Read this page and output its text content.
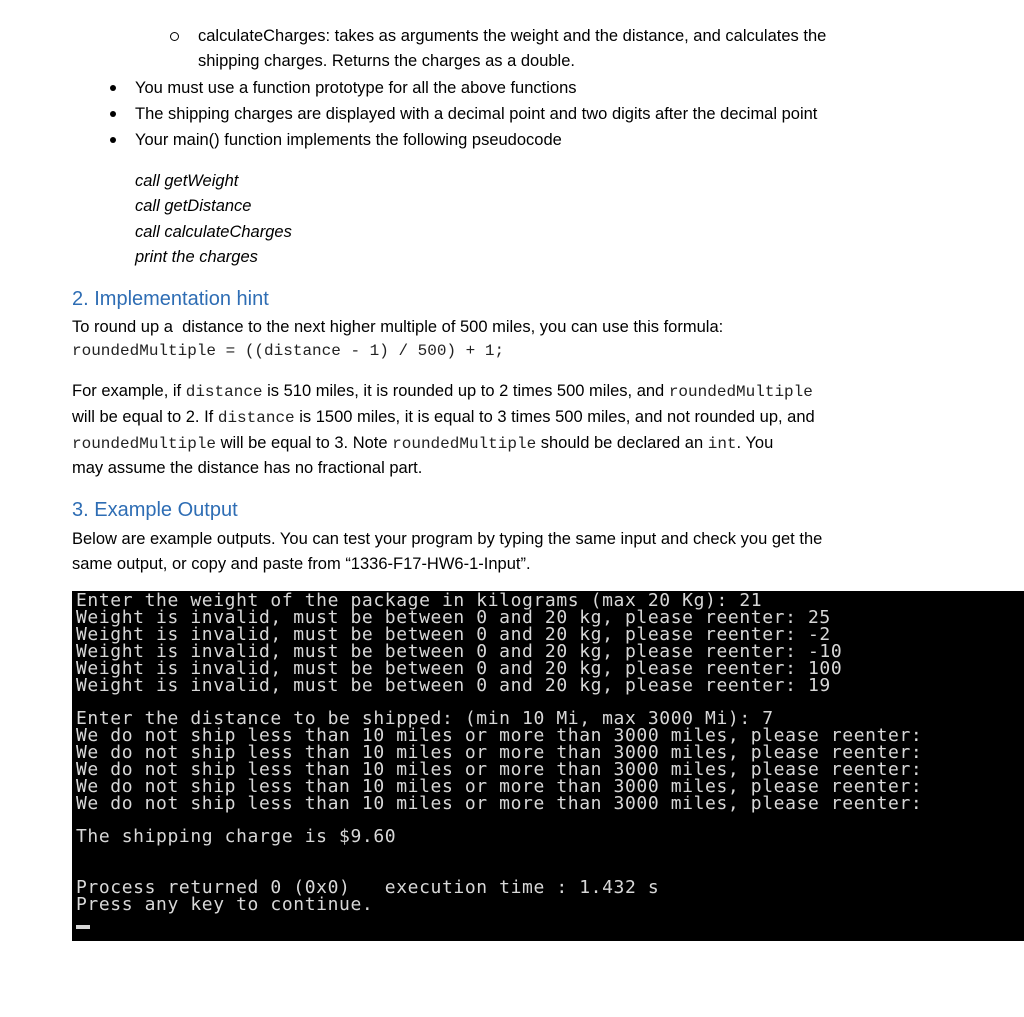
calculateCharges: takes as arguments the weight and the distance, and calculates the
shipping charges. Returns the charges as a double.
You must use a function prototype for all the above functions
The shipping charges are displayed with a decimal point and two digits after the decimal point
Your main() function implements the following pseudocode
call getWeight
call getDistance
call calculateCharges
print the charges
2. Implementation hint
To round up a  distance to the next higher multiple of 500 miles, you can use this formula:
roundedMultiple = ((distance - 1) / 500) + 1;
For example, if distance is 510 miles, it is rounded up to 2 times 500 miles, and roundedMultiple
will be equal to 2. If distance is 1500 miles, it is equal to 3 times 500 miles, and not rounded up, and
roundedMultiple will be equal to 3. Note roundedMultiple should be declared an int. You
may assume the distance has no fractional part.
3. Example Output
Below are example outputs. You can test your program by typing the same input and check you get the
same output, or copy and paste from “1336-F17-HW6-1-Input”.
Enter the weight of the package in kilograms (max 20 Kg): 21
Weight is invalid, must be between 0 and 20 kg, please reenter: 25
Weight is invalid, must be between 0 and 20 kg, please reenter: -2
Weight is invalid, must be between 0 and 20 kg, please reenter: -10
Weight is invalid, must be between 0 and 20 kg, please reenter: 100
Weight is invalid, must be between 0 and 20 kg, please reenter: 19
Enter the distance to be shipped: (min 10 Mi, max 3000 Mi): 7
We do not ship less than 10 miles or more than 3000 miles, please reenter:
We do not ship less than 10 miles or more than 3000 miles, please reenter:
We do not ship less than 10 miles or more than 3000 miles, please reenter:
We do not ship less than 10 miles or more than 3000 miles, please reenter:
We do not ship less than 10 miles or more than 3000 miles, please reenter:
The shipping charge is $9.60
Process returned 0 (0x0)   execution time : 1.432 s
Press any key to continue.
